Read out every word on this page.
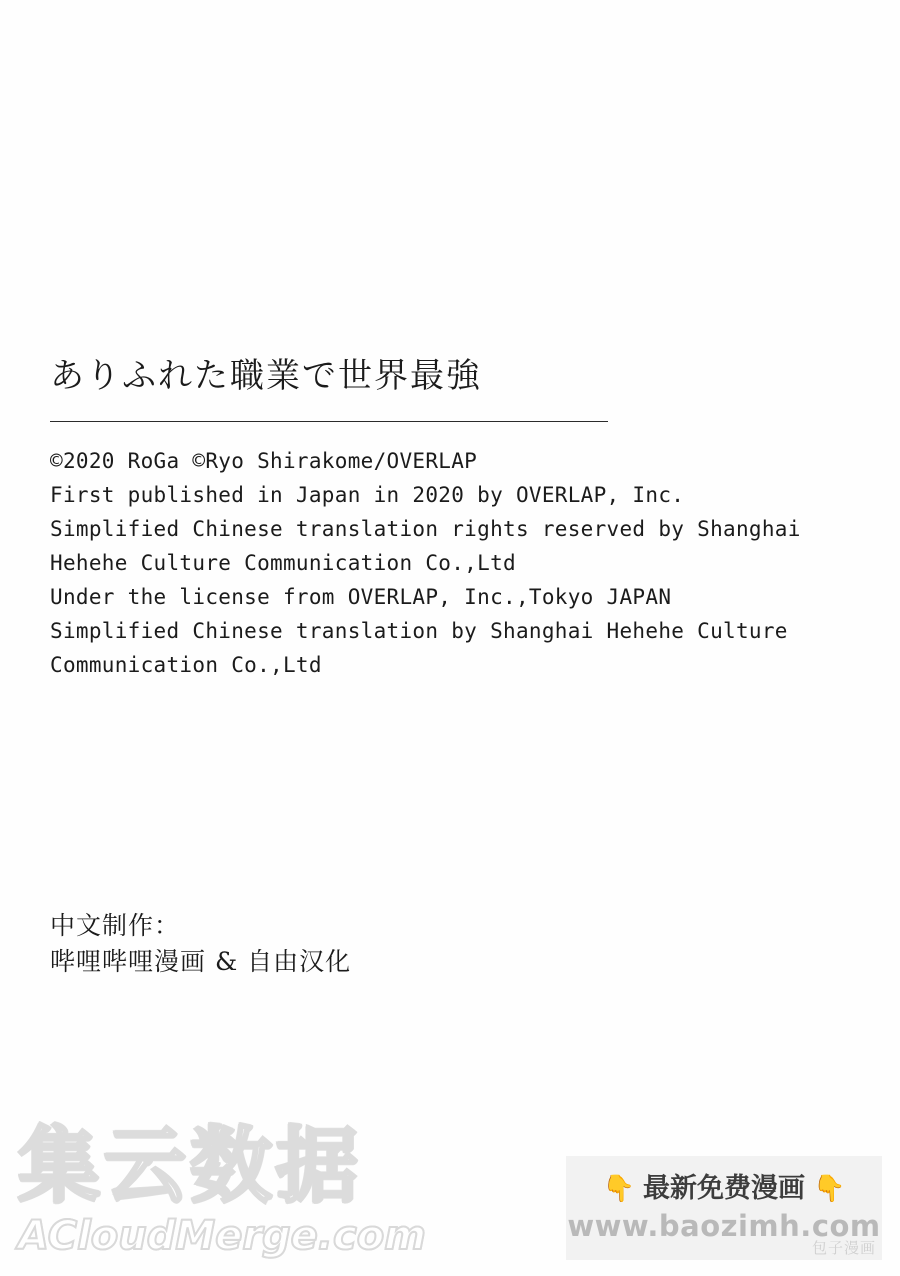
ありふれた職業で世界最強

©2020 RoGa ©Ryo Shirakome/OVERLAP

First published in Japan in 2020 by OVERLAP, Inc.

Simplified Chinese translation rights reserved by Shanghai

Hehehe Culture Communication Co.,Ltd

Under the license from OVERLAP, Inc.,Tokyo JAPAN

Simplified Chinese translation by Shanghai Hehehe Culture

Communication Co.,Ltd

中文制作：

哔哩哔哩漫画 & 自由汉化

集云数据
ACloudMerge.com
👇 最新免费漫画 👇
www.baozimh.com
包子漫画
